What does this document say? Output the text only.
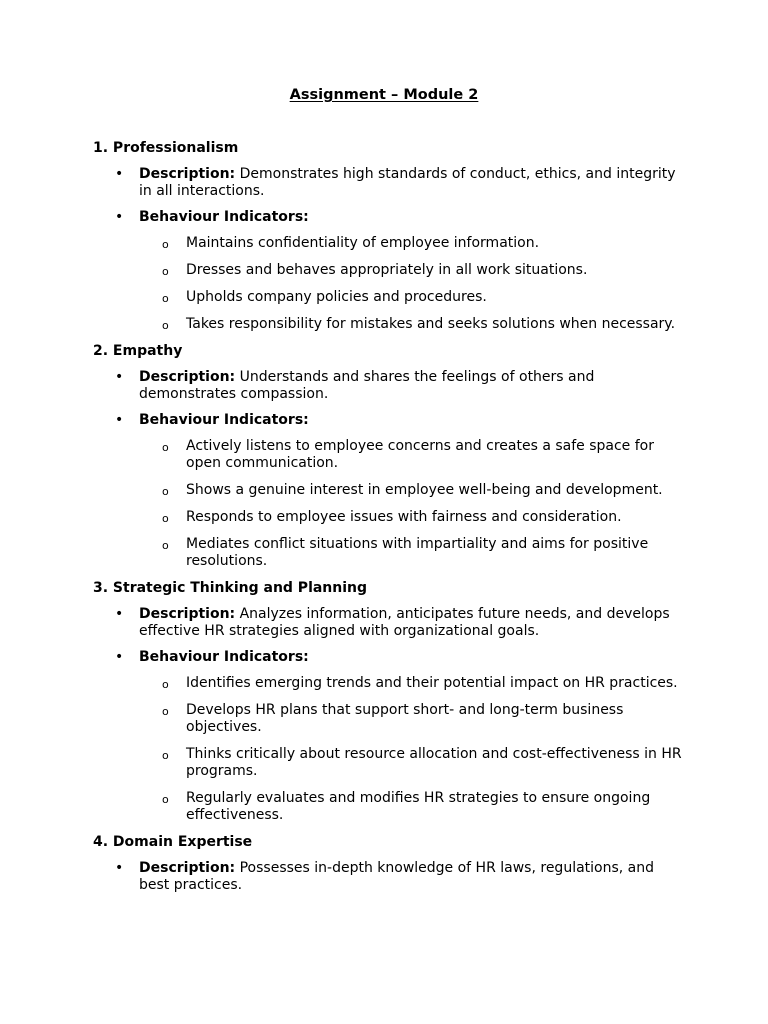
Assignment – Module 2
1. Professionalism
• Description: Demonstrates high standards of conduct, ethics, and integrity in all interactions.
• Behaviour Indicators:
o Maintains confidentiality of employee information.
o Dresses and behaves appropriately in all work situations.
o Upholds company policies and procedures.
o Takes responsibility for mistakes and seeks solutions when necessary.
2. Empathy
• Description: Understands and shares the feelings of others and demonstrates compassion.
• Behaviour Indicators:
o Actively listens to employee concerns and creates a safe space for open communication.
o Shows a genuine interest in employee well-being and development.
o Responds to employee issues with fairness and consideration.
o Mediates conflict situations with impartiality and aims for positive resolutions.
3. Strategic Thinking and Planning
• Description: Analyzes information, anticipates future needs, and develops effective HR strategies aligned with organizational goals.
• Behaviour Indicators:
o Identifies emerging trends and their potential impact on HR practices.
o Develops HR plans that support short- and long-term business objectives.
o Thinks critically about resource allocation and cost-effectiveness in HR programs.
o Regularly evaluates and modifies HR strategies to ensure ongoing effectiveness.
4. Domain Expertise
• Description: Possesses in-depth knowledge of HR laws, regulations, and best practices.
